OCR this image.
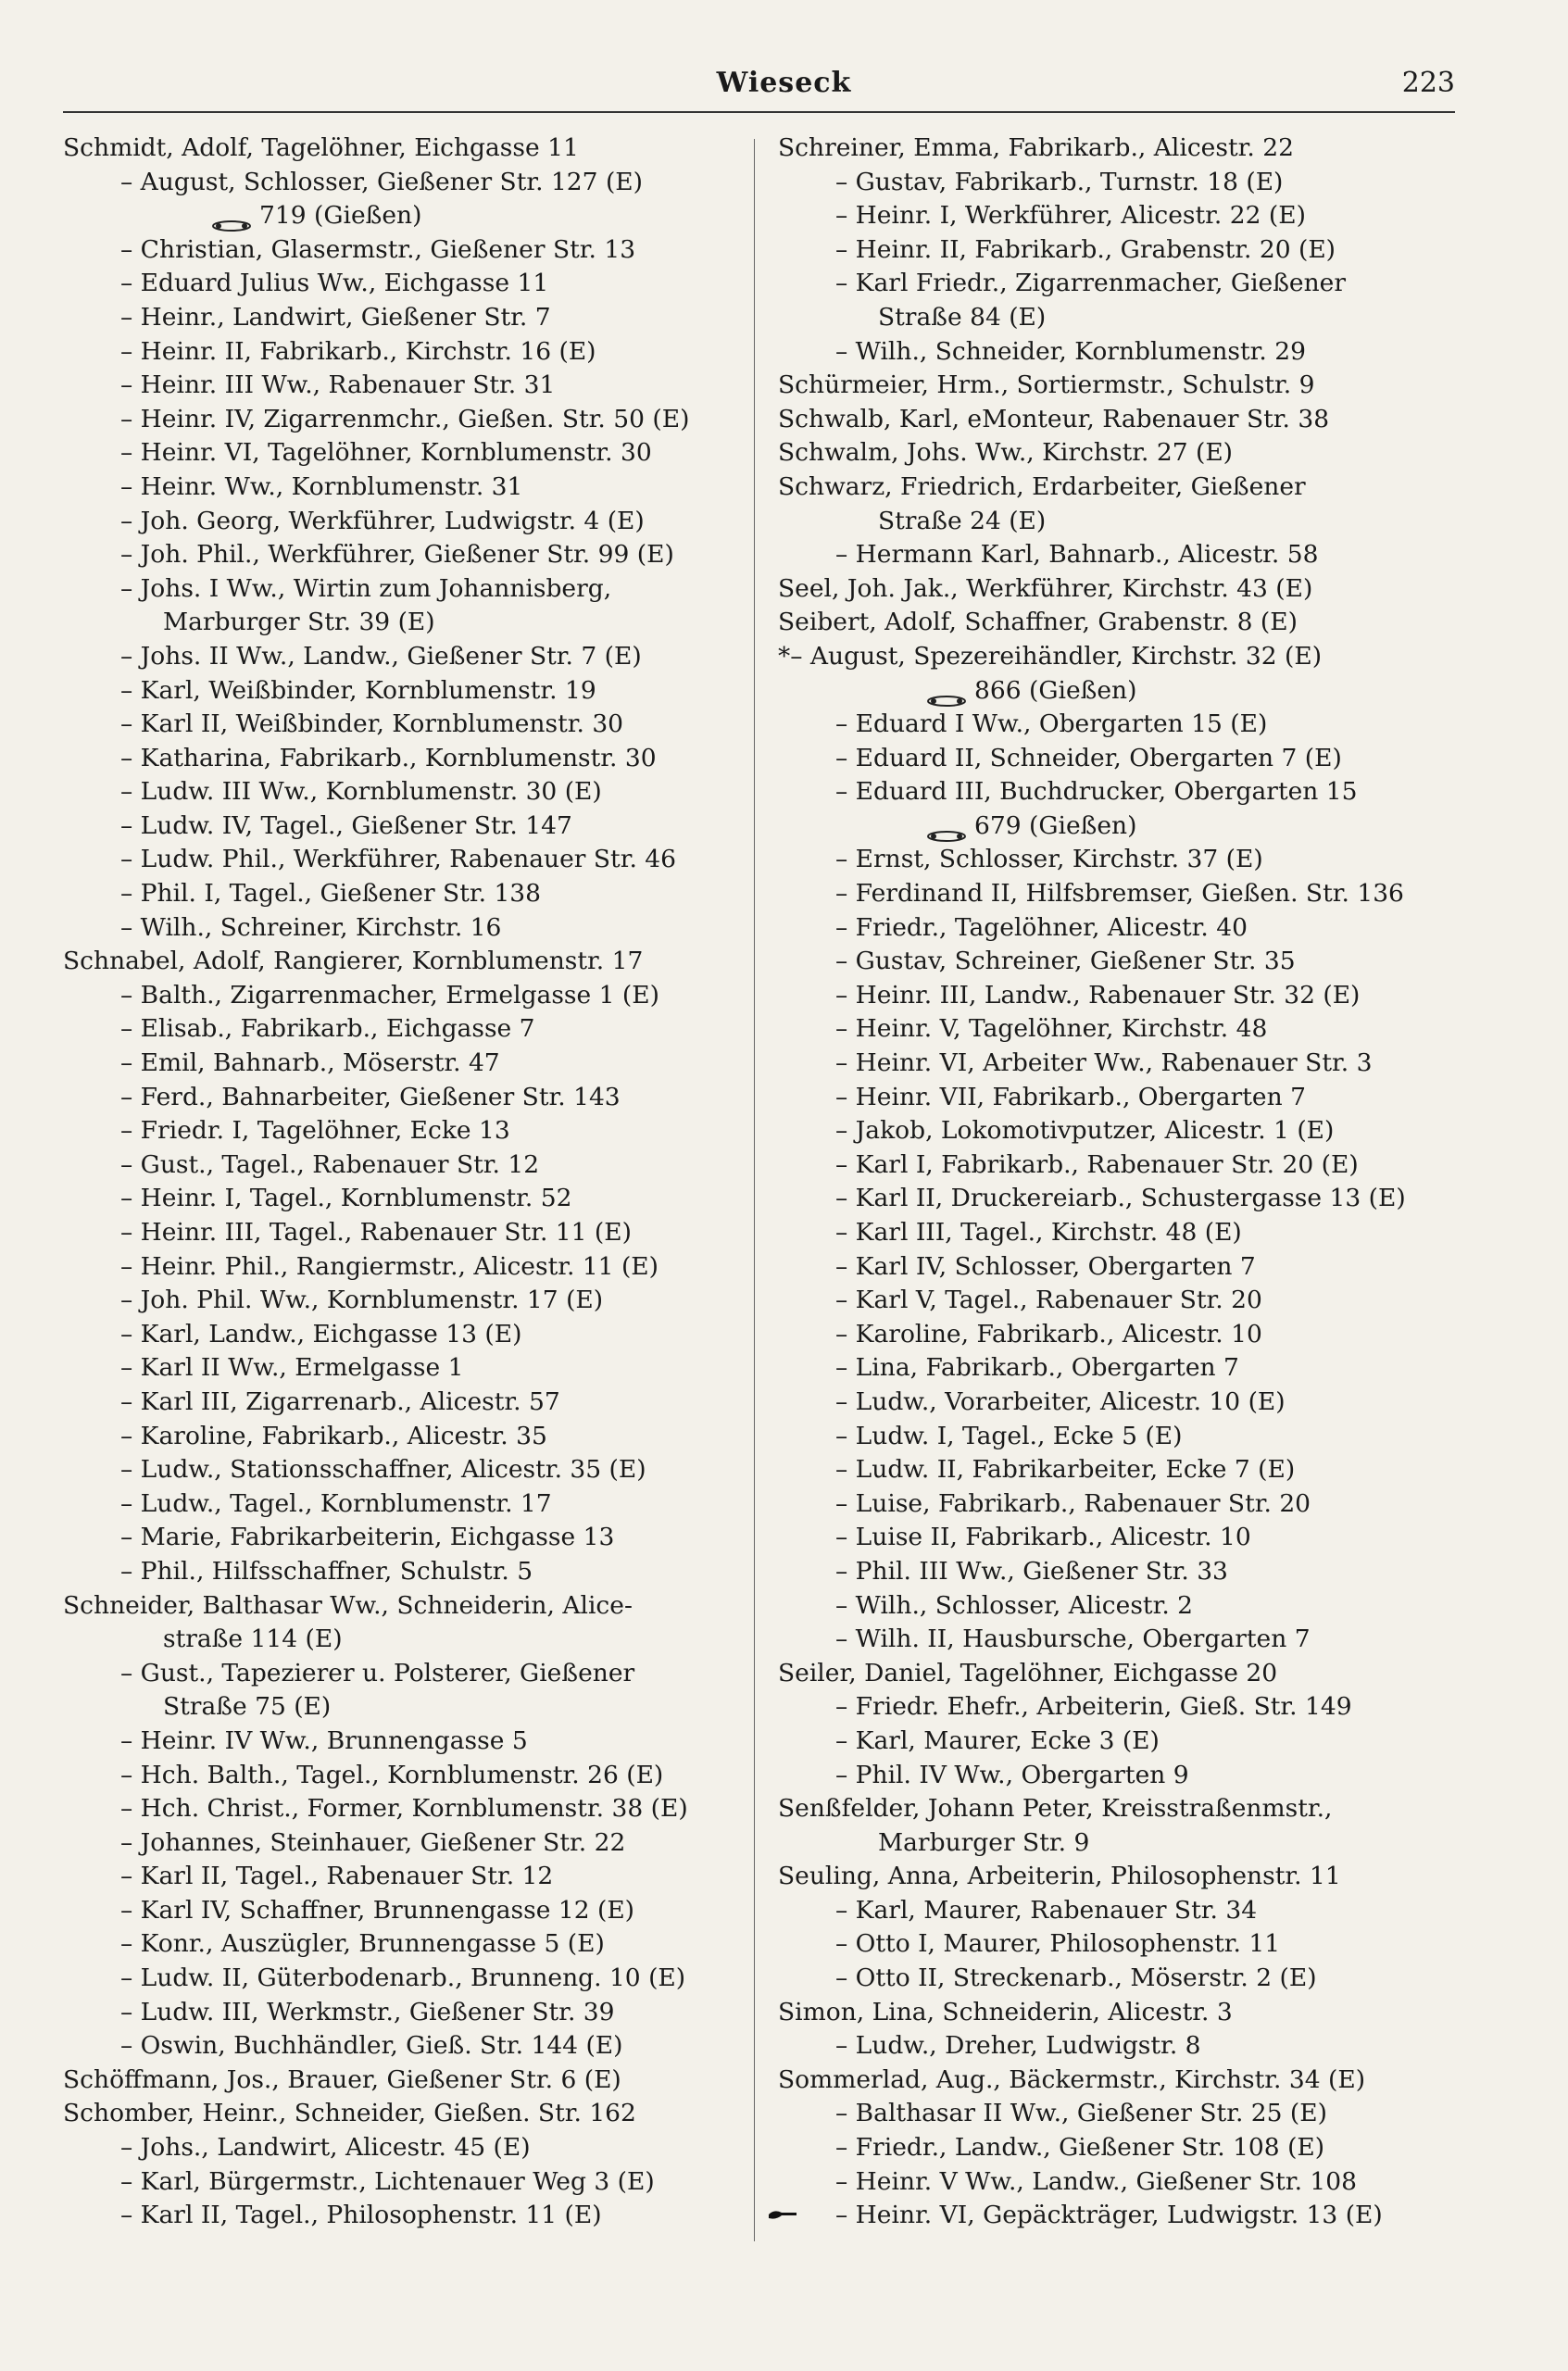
Wieseck	223
Schmidt, Adolf, Tagelöhner, Eichgasse 11
– August, Schlosser, Gießener Str. 127 (E)
719 (Gießen)
– Christian, Glasermstr., Gießener Str. 13
– Eduard Julius Ww., Eichgasse 11
– Heinr., Landwirt, Gießener Str. 7
– Heinr. II, Fabrikarb., Kirchstr. 16 (E)
– Heinr. III Ww., Rabenauer Str. 31
– Heinr. IV, Zigarrenmchr., Gießen. Str. 50 (E)
– Heinr. VI, Tagelöhner, Kornblumenstr. 30
– Heinr. Ww., Kornblumenstr. 31
– Joh. Georg, Werkführer, Ludwigstr. 4 (E)
– Joh. Phil., Werkführer, Gießener Str. 99 (E)
– Johs. I Ww., Wirtin zum Johannisberg,
Marburger Str. 39 (E)
– Johs. II Ww., Landw., Gießener Str. 7 (E)
– Karl, Weißbinder, Kornblumenstr. 19
– Karl II, Weißbinder, Kornblumenstr. 30
– Katharina, Fabrikarb., Kornblumenstr. 30
– Ludw. III Ww., Kornblumenstr. 30 (E)
– Ludw. IV, Tagel., Gießener Str. 147
– Ludw. Phil., Werkführer, Rabenauer Str. 46
– Phil. I, Tagel., Gießener Str. 138
– Wilh., Schreiner, Kirchstr. 16
Schnabel, Adolf, Rangierer, Kornblumenstr. 17
– Balth., Zigarrenmacher, Ermelgasse 1 (E)
– Elisab., Fabrikarb., Eichgasse 7
– Emil, Bahnarb., Möserstr. 47
– Ferd., Bahnarbeiter, Gießener Str. 143
– Friedr. I, Tagelöhner, Ecke 13
– Gust., Tagel., Rabenauer Str. 12
– Heinr. I, Tagel., Kornblumenstr. 52
– Heinr. III, Tagel., Rabenauer Str. 11 (E)
– Heinr. Phil., Rangiermstr., Alicestr. 11 (E)
– Joh. Phil. Ww., Kornblumenstr. 17 (E)
– Karl, Landw., Eichgasse 13 (E)
– Karl II Ww., Ermelgasse 1
– Karl III, Zigarrenarb., Alicestr. 57
– Karoline, Fabrikarb., Alicestr. 35
– Ludw., Stationsschaffner, Alicestr. 35 (E)
– Ludw., Tagel., Kornblumenstr. 17
– Marie, Fabrikarbeiterin, Eichgasse 13
– Phil., Hilfsschaffner, Schulstr. 5
Schneider, Balthasar Ww., Schneiderin, Alice-
straße 114 (E)
– Gust., Tapezierer u. Polsterer, Gießener
Straße 75 (E)
– Heinr. IV Ww., Brunnengasse 5
– Hch. Balth., Tagel., Kornblumenstr. 26 (E)
– Hch. Christ., Former, Kornblumenstr. 38 (E)
– Johannes, Steinhauer, Gießener Str. 22
– Karl II, Tagel., Rabenauer Str. 12
– Karl IV, Schaffner, Brunnengasse 12 (E)
– Konr., Auszügler, Brunnengasse 5 (E)
– Ludw. II, Güterbodenarb., Brunneng. 10 (E)
– Ludw. III, Werkmstr., Gießener Str. 39
– Oswin, Buchhändler, Gieß. Str. 144 (E)
Schöffmann, Jos., Brauer, Gießener Str. 6 (E)
Schomber, Heinr., Schneider, Gießen. Str. 162
– Johs., Landwirt, Alicestr. 45 (E)
– Karl, Bürgermstr., Lichtenauer Weg 3 (E)
– Karl II, Tagel., Philosophenstr. 11 (E)
Schreiner, Emma, Fabrikarb., Alicestr. 22
– Gustav, Fabrikarb., Turnstr. 18 (E)
– Heinr. I, Werkführer, Alicestr. 22 (E)
– Heinr. II, Fabrikarb., Grabenstr. 20 (E)
– Karl Friedr., Zigarrenmacher, Gießener
Straße 84 (E)
– Wilh., Schneider, Kornblumenstr. 29
Schürmeier, Hrm., Sortiermstr., Schulstr. 9
Schwalb, Karl, eMonteur, Rabenauer Str. 38
Schwalm, Johs. Ww., Kirchstr. 27 (E)
Schwarz, Friedrich, Erdarbeiter, Gießener
Straße 24 (E)
– Hermann Karl, Bahnarb., Alicestr. 58
Seel, Joh. Jak., Werkführer, Kirchstr. 43 (E)
Seibert, Adolf, Schaffner, Grabenstr. 8 (E)
*– August, Spezereihändler, Kirchstr. 32 (E)
866 (Gießen)
– Eduard I Ww., Obergarten 15 (E)
– Eduard II, Schneider, Obergarten 7 (E)
– Eduard III, Buchdrucker, Obergarten 15
679 (Gießen)
– Ernst, Schlosser, Kirchstr. 37 (E)
– Ferdinand II, Hilfsbremser, Gießen. Str. 136
– Friedr., Tagelöhner, Alicestr. 40
– Gustav, Schreiner, Gießener Str. 35
– Heinr. III, Landw., Rabenauer Str. 32 (E)
– Heinr. V, Tagelöhner, Kirchstr. 48
– Heinr. VI, Arbeiter Ww., Rabenauer Str. 3
– Heinr. VII, Fabrikarb., Obergarten 7
– Jakob, Lokomotivputzer, Alicestr. 1 (E)
– Karl I, Fabrikarb., Rabenauer Str. 20 (E)
– Karl II, Druckereiarb., Schustergasse 13 (E)
– Karl III, Tagel., Kirchstr. 48 (E)
– Karl IV, Schlosser, Obergarten 7
– Karl V, Tagel., Rabenauer Str. 20
– Karoline, Fabrikarb., Alicestr. 10
– Lina, Fabrikarb., Obergarten 7
– Ludw., Vorarbeiter, Alicestr. 10 (E)
– Ludw. I, Tagel., Ecke 5 (E)
– Ludw. II, Fabrikarbeiter, Ecke 7 (E)
– Luise, Fabrikarb., Rabenauer Str. 20
– Luise II, Fabrikarb., Alicestr. 10
– Phil. III Ww., Gießener Str. 33
– Wilh., Schlosser, Alicestr. 2
– Wilh. II, Hausbursche, Obergarten 7
Seiler, Daniel, Tagelöhner, Eichgasse 20
– Friedr. Ehefr., Arbeiterin, Gieß. Str. 149
– Karl, Maurer, Ecke 3 (E)
– Phil. IV Ww., Obergarten 9
Senßfelder, Johann Peter, Kreisstraßenmstr.,
Marburger Str. 9
Seuling, Anna, Arbeiterin, Philosophenstr. 11
– Karl, Maurer, Rabenauer Str. 34
– Otto I, Maurer, Philosophenstr. 11
– Otto II, Streckenarb., Möserstr. 2 (E)
Simon, Lina, Schneiderin, Alicestr. 3
– Ludw., Dreher, Ludwigstr. 8
Sommerlad, Aug., Bäckermstr., Kirchstr. 34 (E)
– Balthasar II Ww., Gießener Str. 25 (E)
– Friedr., Landw., Gießener Str. 108 (E)
– Heinr. V Ww., Landw., Gießener Str. 108
– Heinr. VI, Gepäckträger, Ludwigstr. 13 (E)
